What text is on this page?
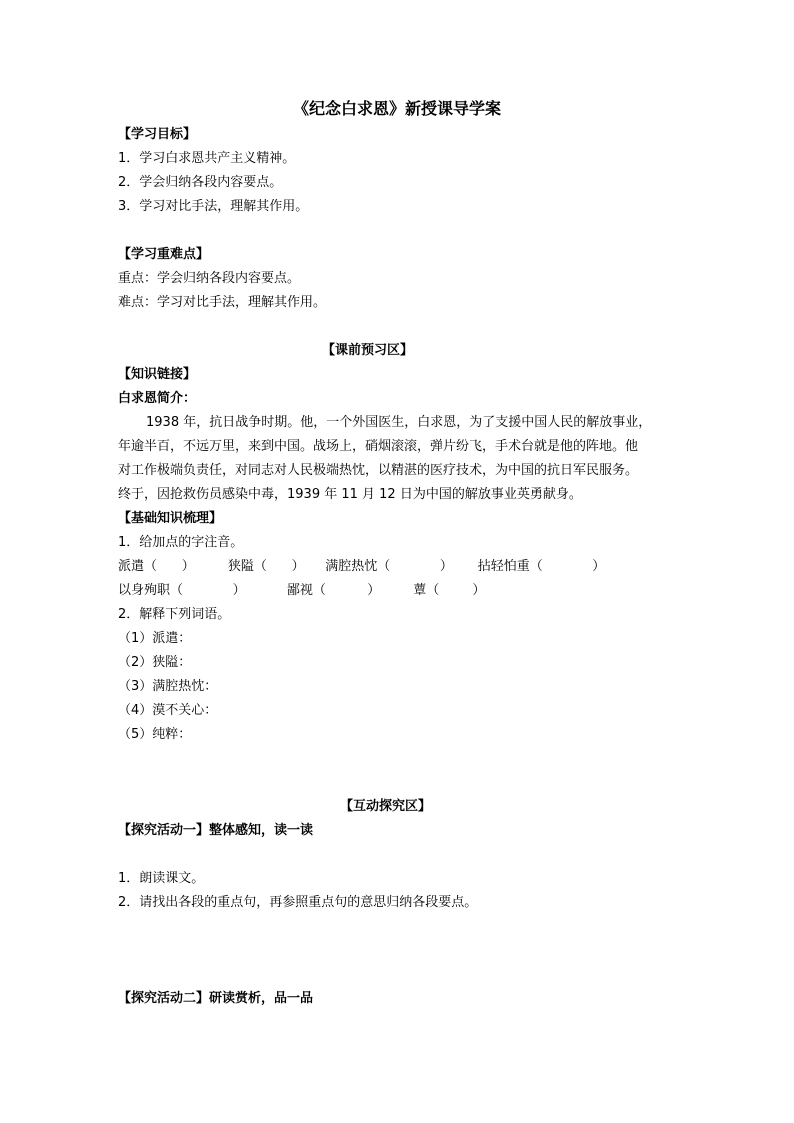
《纪念白求恩》新授课导学案
【学习目标】
1．学习白求恩共产主义精神。
2．学会归纳各段内容要点。
3．学习对比手法，理解其作用。
【学习重难点】
重点：学会归纳各段内容要点。
难点：学习对比手法，理解其作用。
【课前预习区】
【知识链接】
白求恩简介：
1938 年，抗日战争时期。他，一个外国医生，白求恩，为了支援中国人民的解放事业，
年逾半百，不远万里，来到中国。战场上，硝烟滚滚，弹片纷飞，手术台就是他的阵地。他
对工作极端负责任，对同志对人民极端热忱，以精湛的医疗技术，为中国的抗日军民服务。
终于，因抢救伤员感染中毒，1939 年 11 月 12 日为中国的解放事业英勇献身。
【基础知识梳理】
1．给加点的字注音。
派遣（      ）        狭隘（      ）     满腔热忱（            ）      拈轻怕重（            ）
以身殉职（            ）          鄙视（          ）        蕈（        ）
2．解释下列词语。
（1）派遣：
（2）狭隘：
（3）满腔热忱：
（4）漠不关心：
（5）纯粹：
【互动探究区】
【探究活动一】整体感知，读一读
1．朗读课文。
2．请找出各段的重点句，再参照重点句的意思归纳各段要点。
【探究活动二】研读赏析，品一品
